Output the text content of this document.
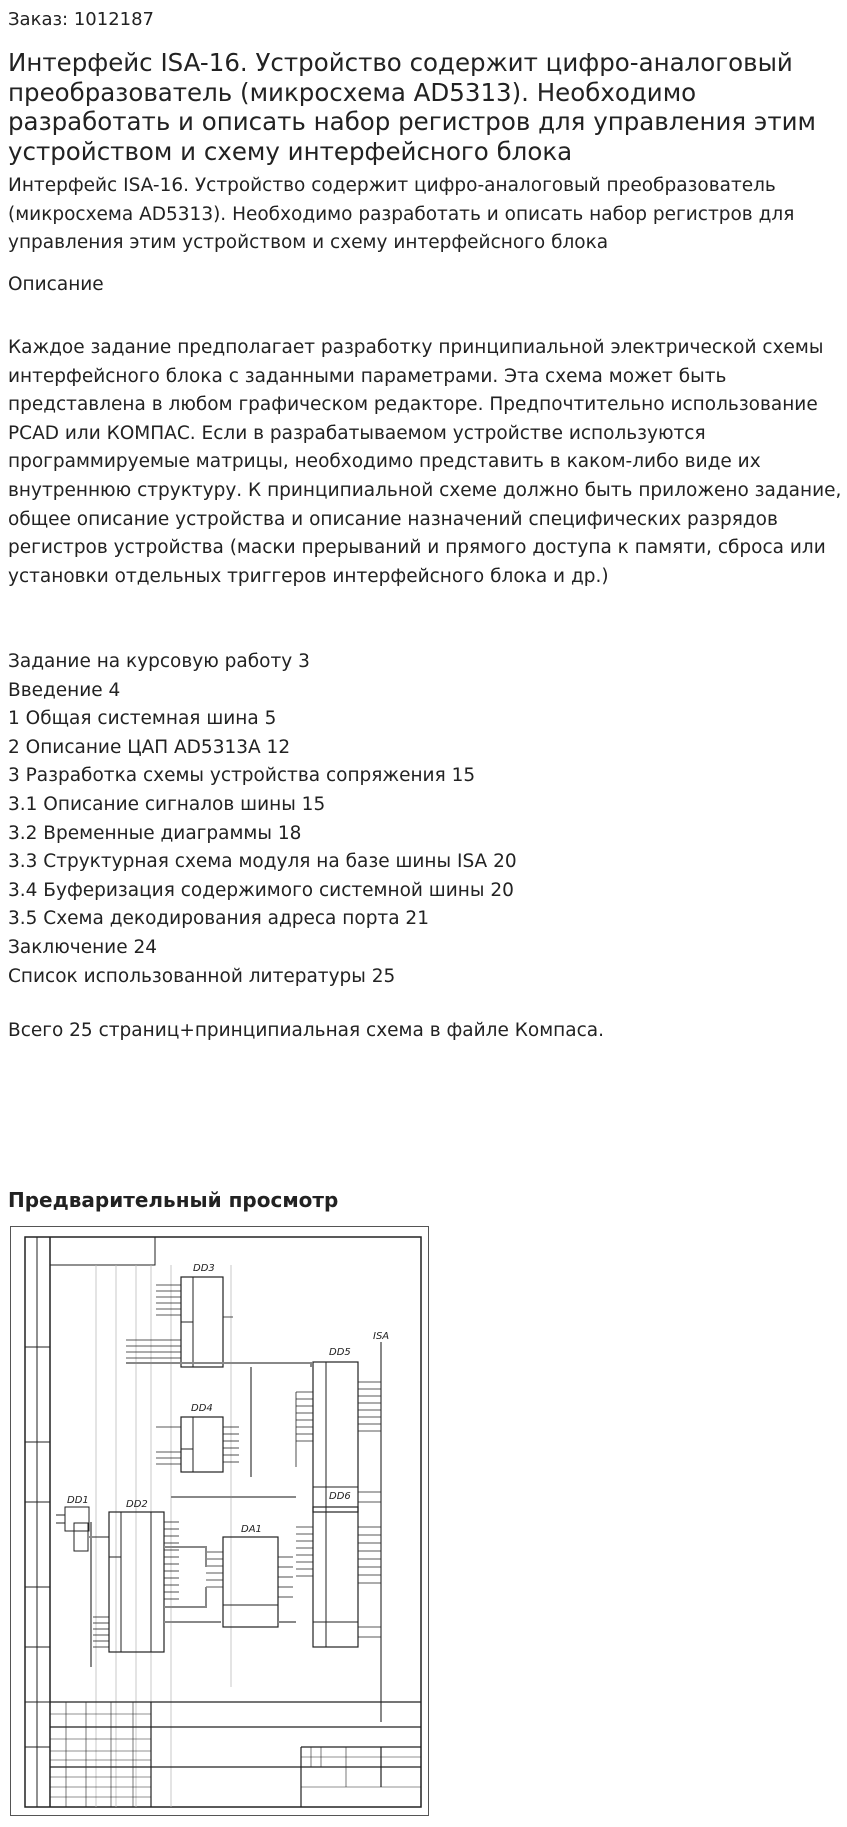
Заказ: 1012187
Интерфейс ISA-16. Устройство содержит цифро-аналоговый преобразователь (микросхема AD5313). Необходимо разработать и описать набор регистров для управления этим устройством и схему интерфейсного блока
Интерфейс ISA-16. Устройство содержит цифро-аналоговый преобразователь (микросхема AD5313). Необходимо разработать и описать набор регистров для управления этим устройством и схему интерфейсного блока
Описание

Каждое задание предполагает разработку принципиальной электрической схемы интерфейсного блока с заданными параметрами. Эта схема может быть представлена в любом графическом редакторе. Предпочтительно использование PCAD или КОМПАС. Если в разрабатываемом устройстве используются программируемые матрицы, необходимо представить в каком-либо виде их

внутреннюю структуру. К принципиальной схеме должно быть приложено задание, общее описание устройства и описание назначений специфических разрядов регистров устройства (маски прерываний и прямого доступа к памяти, сброса или установки отдельных триггеров интерфейсного блока и др.)

Задание на курсовую работу 3
Введение 4
1 Общая системная шина 5
2 Описание ЦАП AD5313A 12
3 Разработка схемы устройства сопряжения 15
3.1 Описание сигналов шины 15
3.2 Временные диаграммы 18
3.3 Структурная схема модуля на базе шины ISA 20
3.4 Буферизация содержимого системной шины 20
3.5 Схема декодирования адреса порта 21
Заключение 24
Список использованной литературы 25
Всего 25 страниц+принципиальная схема в файле Компаса.
Предварительный просмотр
DD3
ISA
DD5
DD4
DD2
DD1
DA1
DD6
